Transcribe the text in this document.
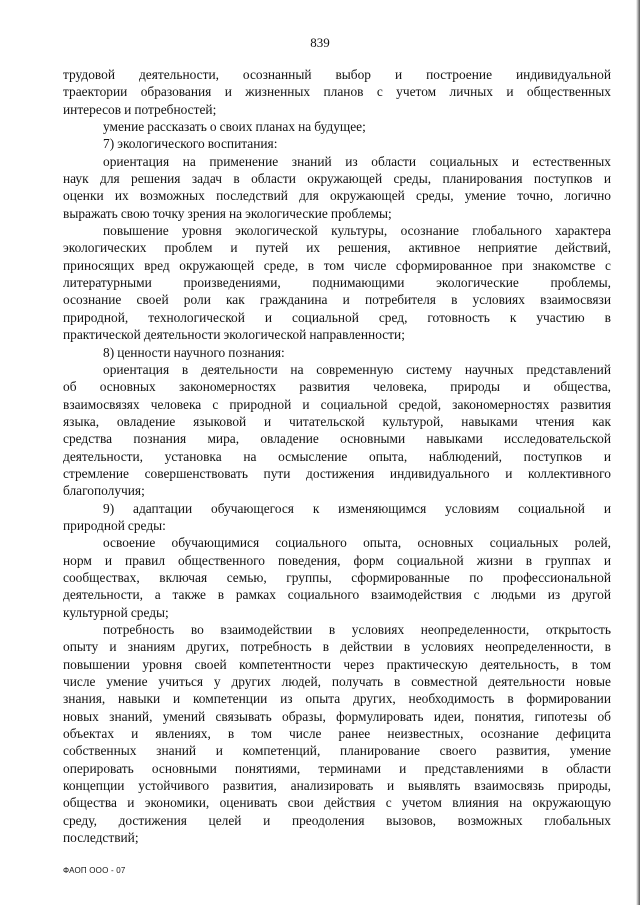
839

трудовой деятельности, осознанный выбор и построение индивидуальной

траектории образования и жизненных планов с учетом личных и общественных

интересов и потребностей;

умение рассказать о своих планах на будущее;

7) экологического воспитания:

ориентация на применение знаний из области социальных и естественных

наук для решения задач в области окружающей среды, планирования поступков и

оценки их возможных последствий для окружающей среды, умение точно, логично

выражать свою точку зрения на экологические проблемы;

повышение уровня экологической культуры, осознание глобального характера

экологических проблем и путей их решения, активное неприятие действий,

приносящих вред окружающей среде, в том числе сформированное при знакомстве с

литературными произведениями, поднимающими экологические проблемы,

осознание своей роли как гражданина и потребителя в условиях взаимосвязи

природной, технологической и социальной сред, готовность к участию в

практической деятельности экологической направленности;

8) ценности научного познания:

ориентация в деятельности на современную систему научных представлений

об основных закономерностях развития человека, природы и общества,

взаимосвязях человека с природной и социальной средой, закономерностях развития

языка, овладение языковой и читательской культурой, навыками чтения как

средства познания мира, овладение основными навыками исследовательской

деятельности, установка на осмысление опыта, наблюдений, поступков и

стремление совершенствовать пути достижения индивидуального и коллективного

благополучия;

9) адаптации обучающегося к изменяющимся условиям социальной и

природной среды:

освоение обучающимися социального опыта, основных социальных ролей,

норм и правил общественного поведения, форм социальной жизни в группах и

сообществах, включая семью, группы, сформированные по профессиональной

деятельности, а также в рамках социального взаимодействия с людьми из другой

культурной среды;

потребность во взаимодействии в условиях неопределенности, открытость

опыту и знаниям других, потребность в действии в условиях неопределенности, в

повышении уровня своей компетентности через практическую деятельность, в том

числе умение учиться у других людей, получать в совместной деятельности новые

знания, навыки и компетенции из опыта других, необходимость в формировании

новых знаний, умений связывать образы, формулировать идеи, понятия, гипотезы об

объектах и явлениях, в том числе ранее неизвестных, осознание дефицита

собственных знаний и компетенций, планирование своего развития, умение

оперировать основными понятиями, терминами и представлениями в области

концепции устойчивого развития, анализировать и выявлять взаимосвязь природы,

общества и экономики, оценивать свои действия с учетом влияния на окружающую

среду, достижения целей и преодоления вызовов, возможных глобальных

последствий;

ФАОП ООО - 07
